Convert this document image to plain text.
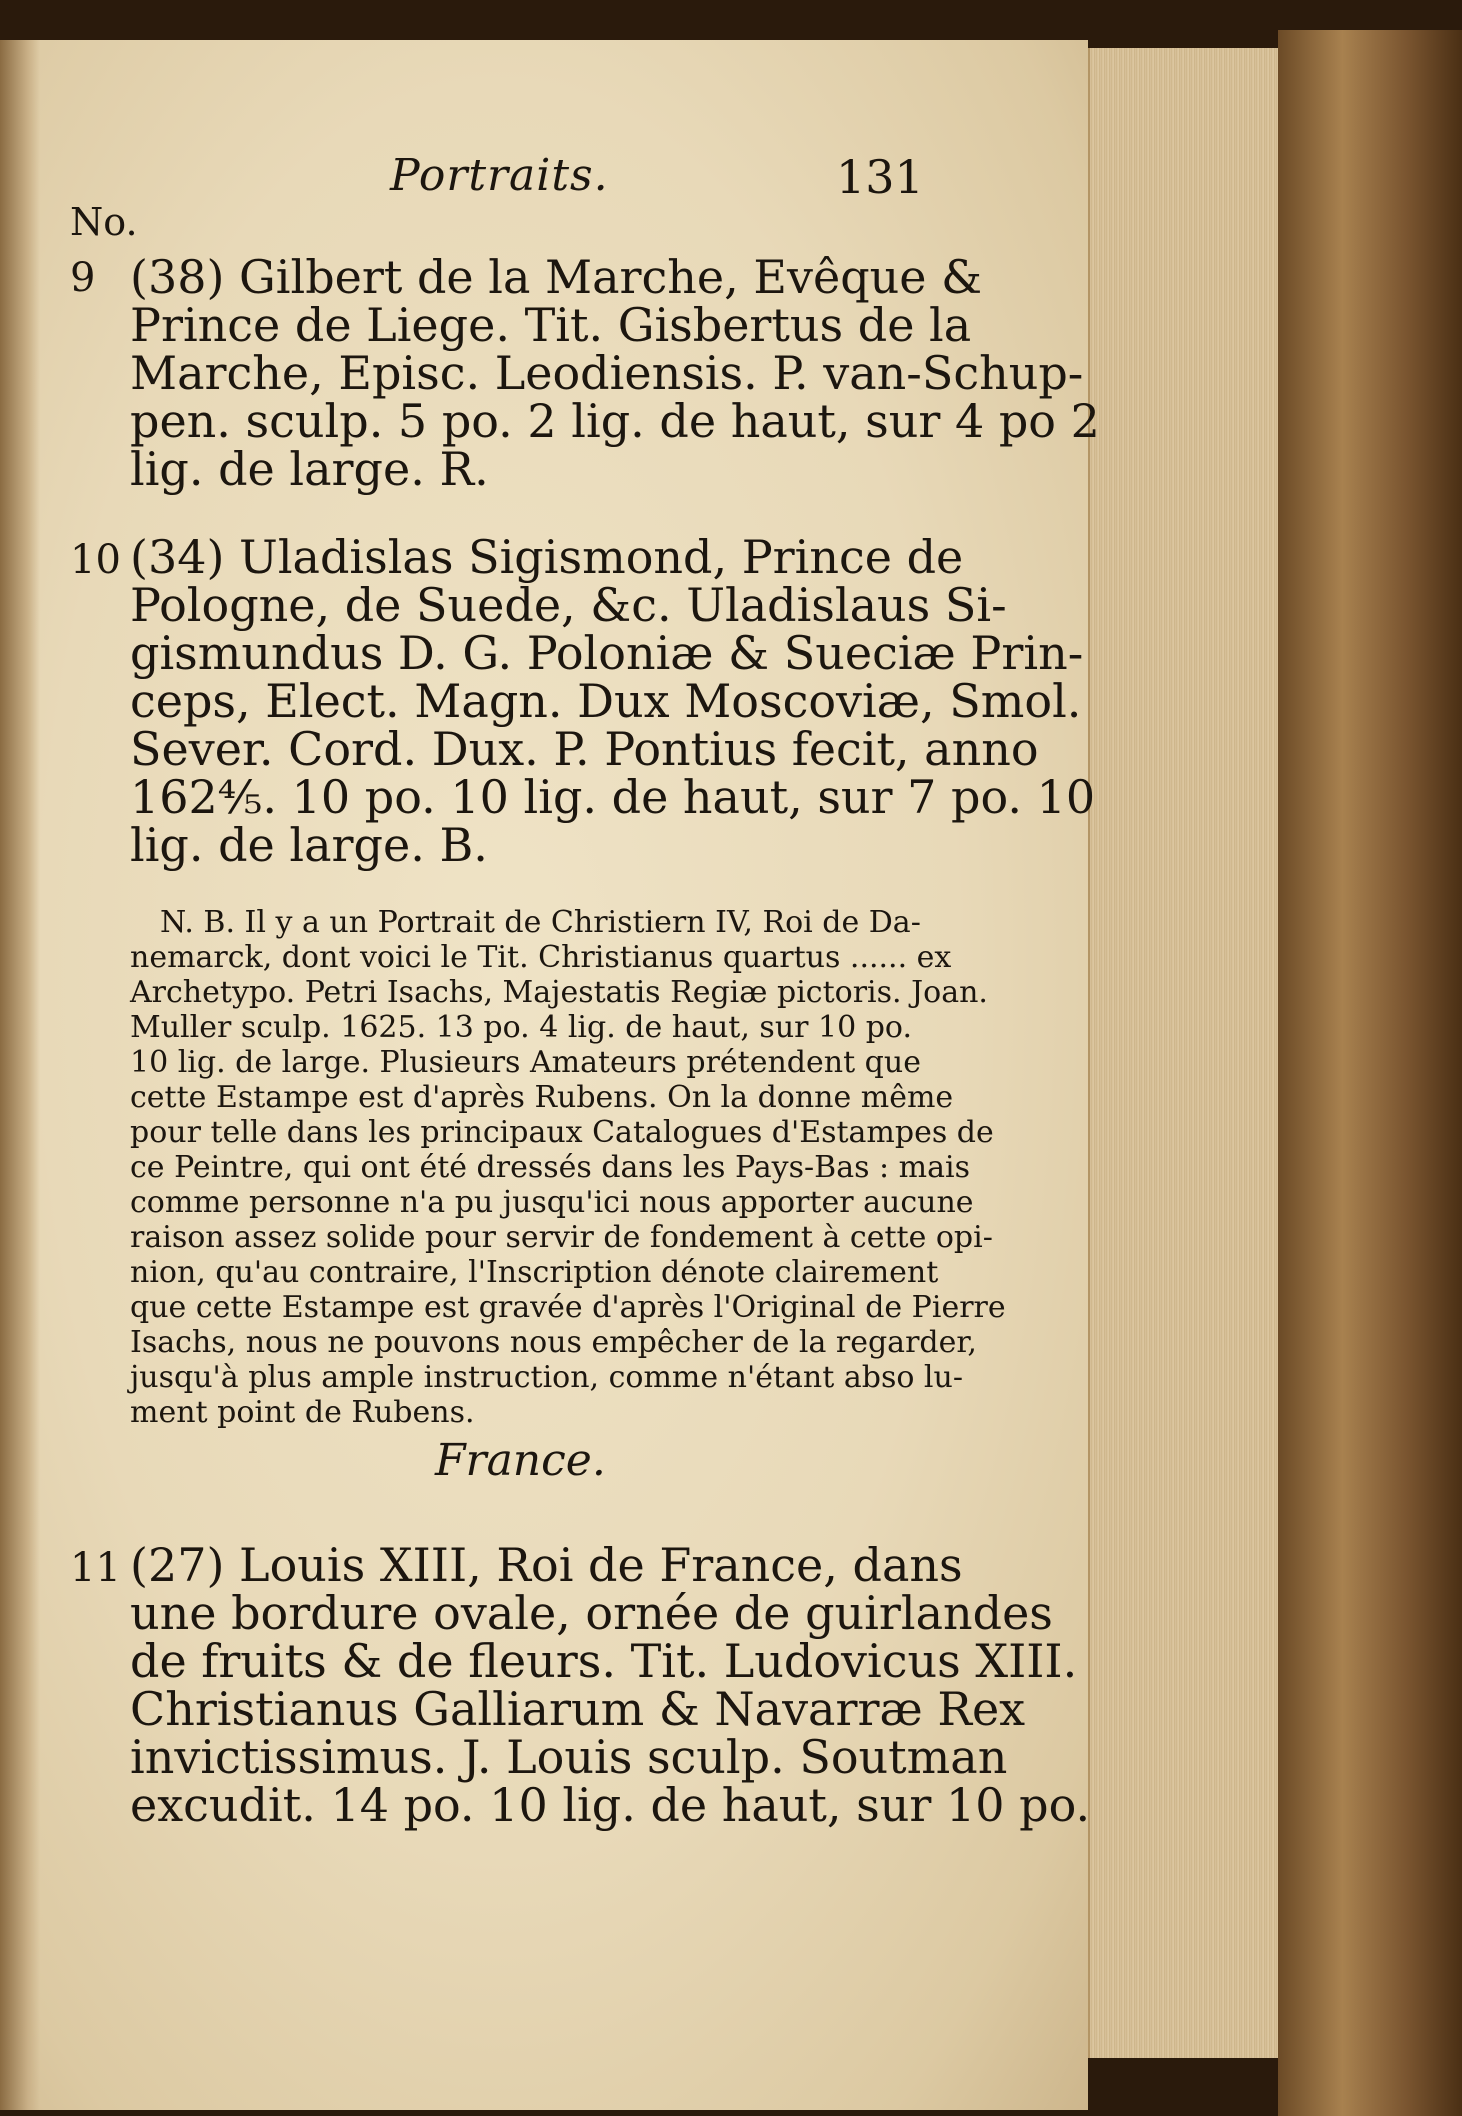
Portraits.	131

No.

9 (38) Gilbert de la Marche, Evêque &

Prince de Liege. Tit. Gisbertus de la

Marche, Episc. Leodiensis. P. van-Schup-

pen. sculp. 5 po. 2 lig. de haut, sur 4 po 2

lig. de large. R.

10 (34) Uladislas Sigismond, Prince de

Pologne, de Suede, &c. Uladislaus Si-

gismundus D. G. Poloniæ & Sueciæ Prin-

ceps, Elect. Magn. Dux Moscoviæ, Smol.

Sever. Cord. Dux. P. Pontius fecit, anno

162⅘. 10 po. 10 lig. de haut, sur 7 po. 10

lig. de large. B.

N. B. Il y a un Portrait de Christiern IV, Roi de Da-

nemarck, dont voici le Tit. Christianus quartus ...... ex

Archetypo. Petri Isachs, Majestatis Regiæ pictoris. Joan.

Muller sculp. 1625. 13 po. 4 lig. de haut, sur 10 po.

10 lig. de large. Plusieurs Amateurs prétendent que

cette Estampe est d'après Rubens. On la donne même

pour telle dans les principaux Catalogues d'Estampes de

ce Peintre, qui ont été dressés dans les Pays-Bas : mais

comme personne n'a pu jusqu'ici nous apporter aucune

raison assez solide pour servir de fondement à cette opi-

nion, qu'au contraire, l'Inscription dénote clairement

que cette Estampe est gravée d'après l'Original de Pierre

Isachs, nous ne pouvons nous empêcher de la regarder,

jusqu'à plus ample instruction, comme n'étant abso lu-

ment point de Rubens.

France.

11 (27) Louis XIII, Roi de France, dans

une bordure ovale, ornée de guirlandes

de fruits & de fleurs. Tit. Ludovicus XIII.

Christianus Galliarum & Navarræ Rex

invictissimus. J. Louis sculp. Soutman

excudit. 14 po. 10 lig. de haut, sur 10 po.
